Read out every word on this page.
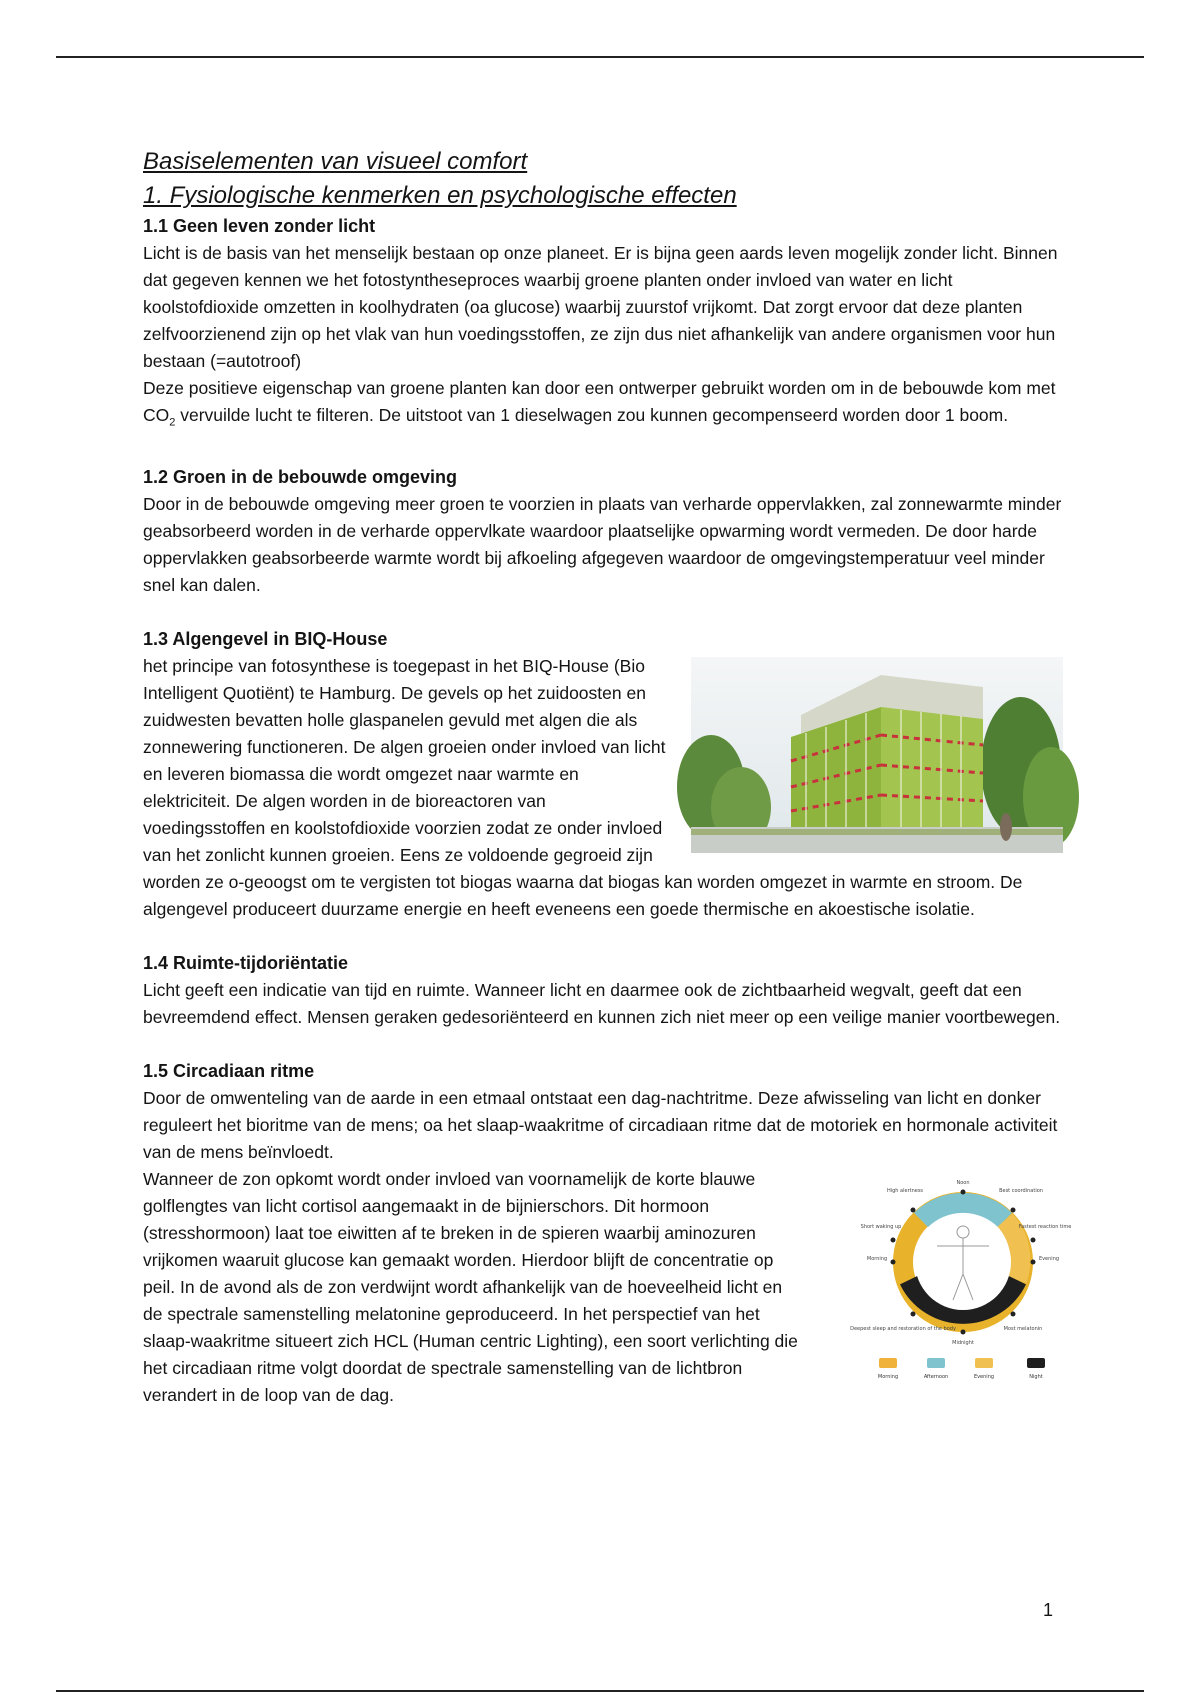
Basiselementen van visueel comfort
1. Fysiologische kenmerken en psychologische effecten
1.1 Geen leven zonder licht

Licht is de basis van het menselijk bestaan op onze planeet. Er is bijna geen aards leven mogelijk zonder licht. Binnen dat gegeven kennen we het fotostyntheseproces waarbij groene planten onder invloed van water en licht koolstofdioxide omzetten in koolhydraten (oa glucose) waarbij zuurstof vrijkomt. Dat zorgt ervoor dat deze planten zelfvoorzienend zijn op het vlak van hun voedingsstoffen, ze zijn dus niet afhankelijk van andere organismen voor hun bestaan (=autotroof)

Deze positieve eigenschap van groene planten kan door een ontwerper gebruikt worden om in de bebouwde kom met $CO_2$ vervuilde lucht te filteren. De uitstoot van 1 dieselwagen zou kunnen gecompenseerd worden door 1 boom.

1.2 Groen in de bebouwde omgeving

Door in de bebouwde omgeving meer groen te voorzien in plaats van verharde oppervlakken, zal zonnewarmte minder geabsorbeerd worden in de verharde oppervlkate waardoor plaatselijke opwarming wordt vermeden. De door harde oppervlakken geabsorbeerde warmte wordt bij afkoeling afgegeven waardoor de omgevingstemperatuur veel minder snel kan dalen.

1.3 Algengevel in BIQ-House

het principe van fotosynthese is toegepast in het BIQ-House (Bio Intelligent Quotiënt) te Hamburg. De gevels op het zuidoosten en zuidwesten bevatten holle glaspanelen gevuld met algen die als zonnewering functioneren. De algen groeien onder invloed van licht en leveren biomassa die wordt omgezet naar warmte en elektriciteit. De algen worden in de bioreactoren van voedingsstoffen en koolstofdioxide voorzien zodat ze onder invloed van het zonlicht kunnen groeien. Eens ze voldoende gegroeid zijn worden ze o-geoogst om te vergisten tot biogas waarna dat biogas kan worden omgezet in warmte en stroom. De algengevel produceert duurzame energie en heeft eveneens een goede thermische en akoestische isolatie.

1.4 Ruimte-tijdoriëntatie

Licht geeft een indicatie van tijd en ruimte. Wanneer licht en daarmee ook de zichtbaarheid wegvalt, geeft dat een bevreemdend effect. Mensen geraken gedesoriënteerd en kunnen zich niet meer op een veilige manier voortbewegen.

1.5 Circadiaan ritme

Door de omwenteling van de aarde in een etmaal ontstaat een dag-nachtritme. Deze afwisseling van licht en donker reguleert het bioritme van de mens; oa het slaap-waakritme of circadiaan ritme dat de motoriek en hormonale activiteit van de mens beïnvloedt.

Noon
High alertness	Best coordination
Short waking up	Fastest reaction time
Morning	Evening
Deepest sleep and restoration of the body	Most melatonin
Midnight
Morning	Afternoon	Evening	Night

Wanneer de zon opkomt wordt onder invloed van voornamelijk de korte blauwe golflengtes van licht cortisol aangemaakt in de bijnierschors. Dit hormoon (stresshormoon) laat toe eiwitten af te breken in de spieren waarbij aminozuren vrijkomen waaruit glucose kan gemaakt worden. Hierdoor blijft de concentratie op peil. In de avond als de zon verdwijnt wordt afhankelijk van de hoeveelheid licht en de spectrale samenstelling melatonine geproduceerd. In het perspectief van het slaap-waakritme situeert zich HCL (Human centric Lighting), een soort verlichting die het circadiaan ritme volgt doordat de spectrale samenstelling van de lichtbron verandert in de loop van de dag.

1
